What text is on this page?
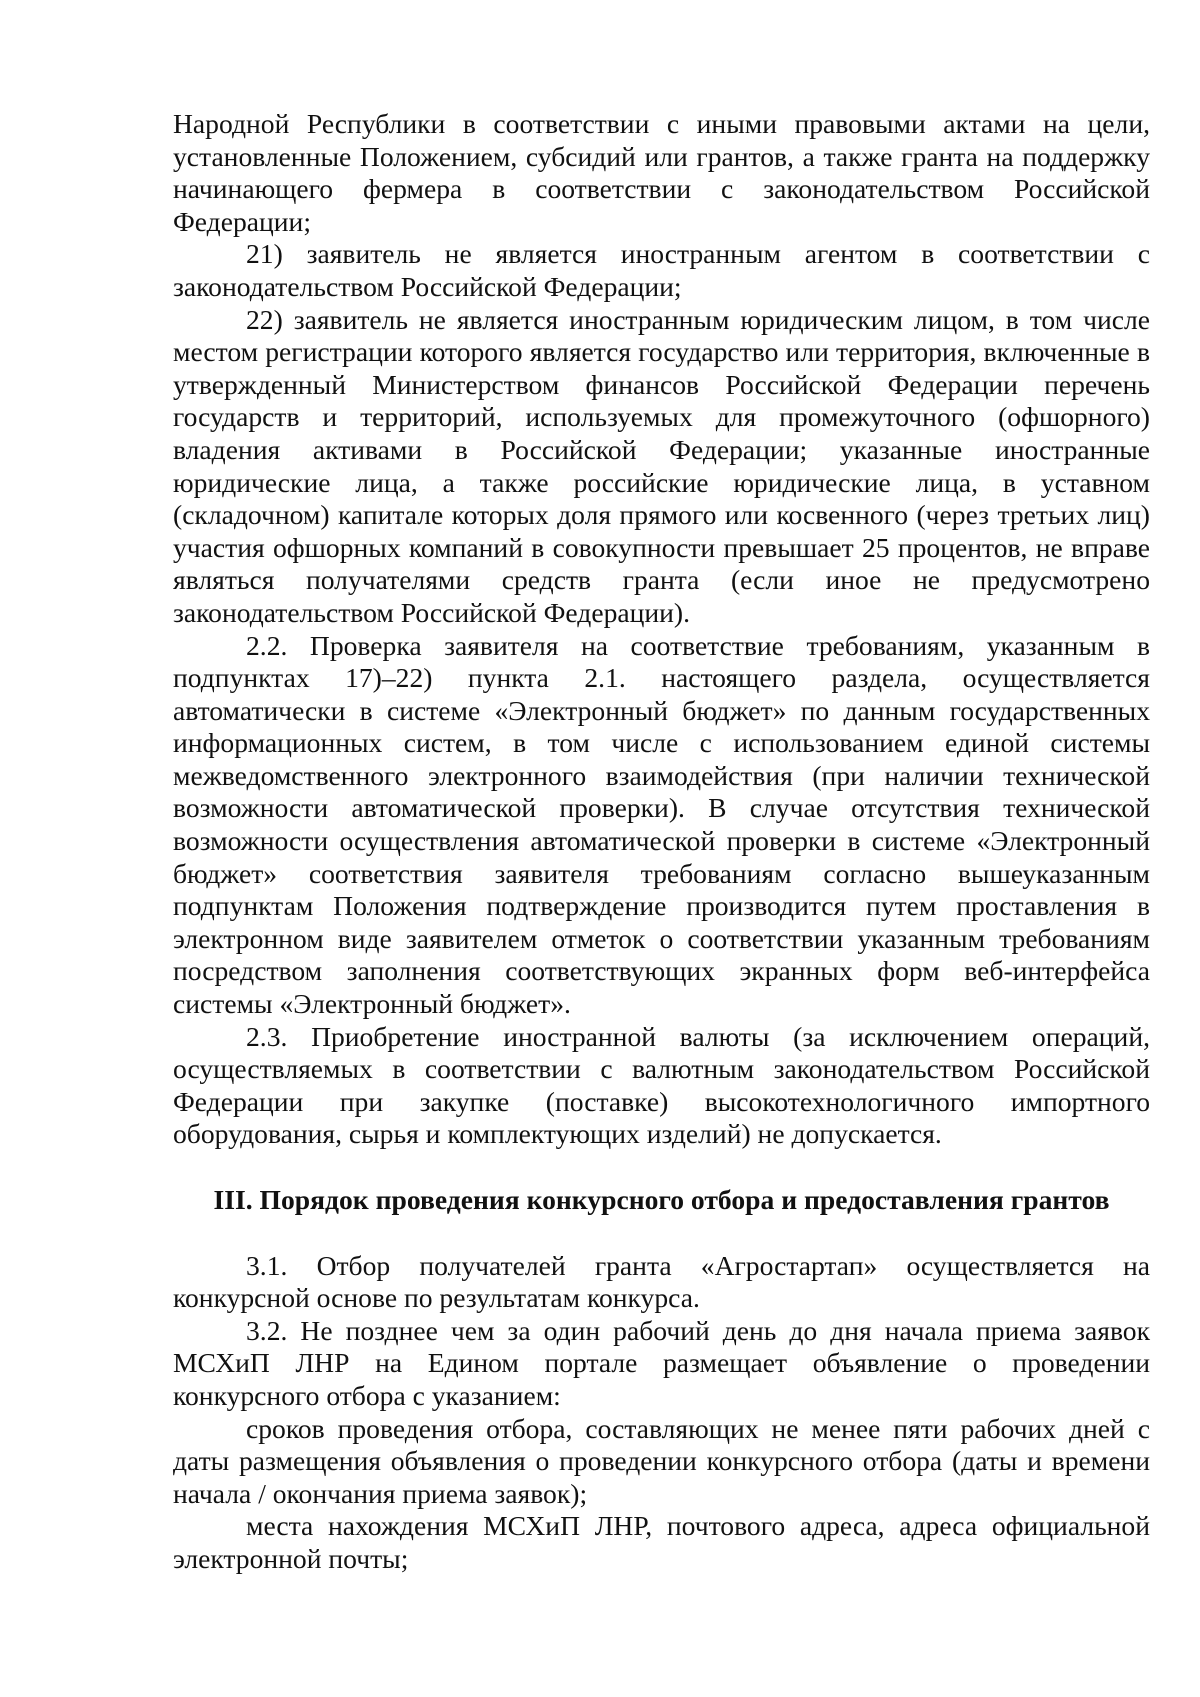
Народной Республики в соответствии с иными правовыми актами на цели, установленные Положением, субсидий или грантов, а также гранта на поддержку начинающего фермера в соответствии с законодательством Российской Федерации;

21) заявитель не является иностранным агентом в соответствии с законодательством Российской Федерации;

22) заявитель не является иностранным юридическим лицом, в том числе местом регистрации которого является государство или территория, включенные в утвержденный Министерством финансов Российской Федерации перечень государств и территорий, используемых для промежуточного (офшорного) владения активами в Российской Федерации; указанные иностранные юридические лица, а также российские юридические лица, в уставном (складочном) капитале которых доля прямого или косвенного (через третьих лиц) участия офшорных компаний в совокупности превышает 25 процентов, не вправе являться получателями средств гранта (если иное не предусмотрено законодательством Российской Федерации).

2.2. Проверка заявителя на соответствие требованиям, указанным в подпунктах 17)–22) пункта 2.1. настоящего раздела, осуществляется автоматически в системе «Электронный бюджет» по данным государственных информационных систем, в том числе с использованием единой системы межведомственного электронного взаимодействия (при наличии технической возможности автоматической проверки). В случае отсутствия технической возможности осуществления автоматической проверки в системе «Электронный бюджет» соответствия заявителя требованиям согласно вышеуказанным подпунктам Положения подтверждение производится путем проставления в электронном виде заявителем отметок о соответствии указанным требованиям посредством заполнения соответствующих экранных форм веб-интерфейса системы «Электронный бюджет».

2.3. Приобретение иностранной валюты (за исключением операций, осуществляемых в соответствии с валютным законодательством Российской Федерации при закупке (поставке) высокотехнологичного импортного оборудования, сырья и комплектующих изделий) не допускается.

III. Порядок проведения конкурсного отбора и предоставления грантов

3.1. Отбор получателей гранта «Агростартап» осуществляется на конкурсной основе по результатам конкурса.

3.2. Не позднее чем за один рабочий день до дня начала приема заявок МСХиП ЛНР на Едином портале размещает объявление о проведении конкурсного отбора с указанием:

сроков проведения отбора, составляющих не менее пяти рабочих дней с даты размещения объявления о проведении конкурсного отбора (даты и времени начала / окончания приема заявок);

места нахождения МСХиП ЛНР, почтового адреса, адреса официальной электронной почты;
